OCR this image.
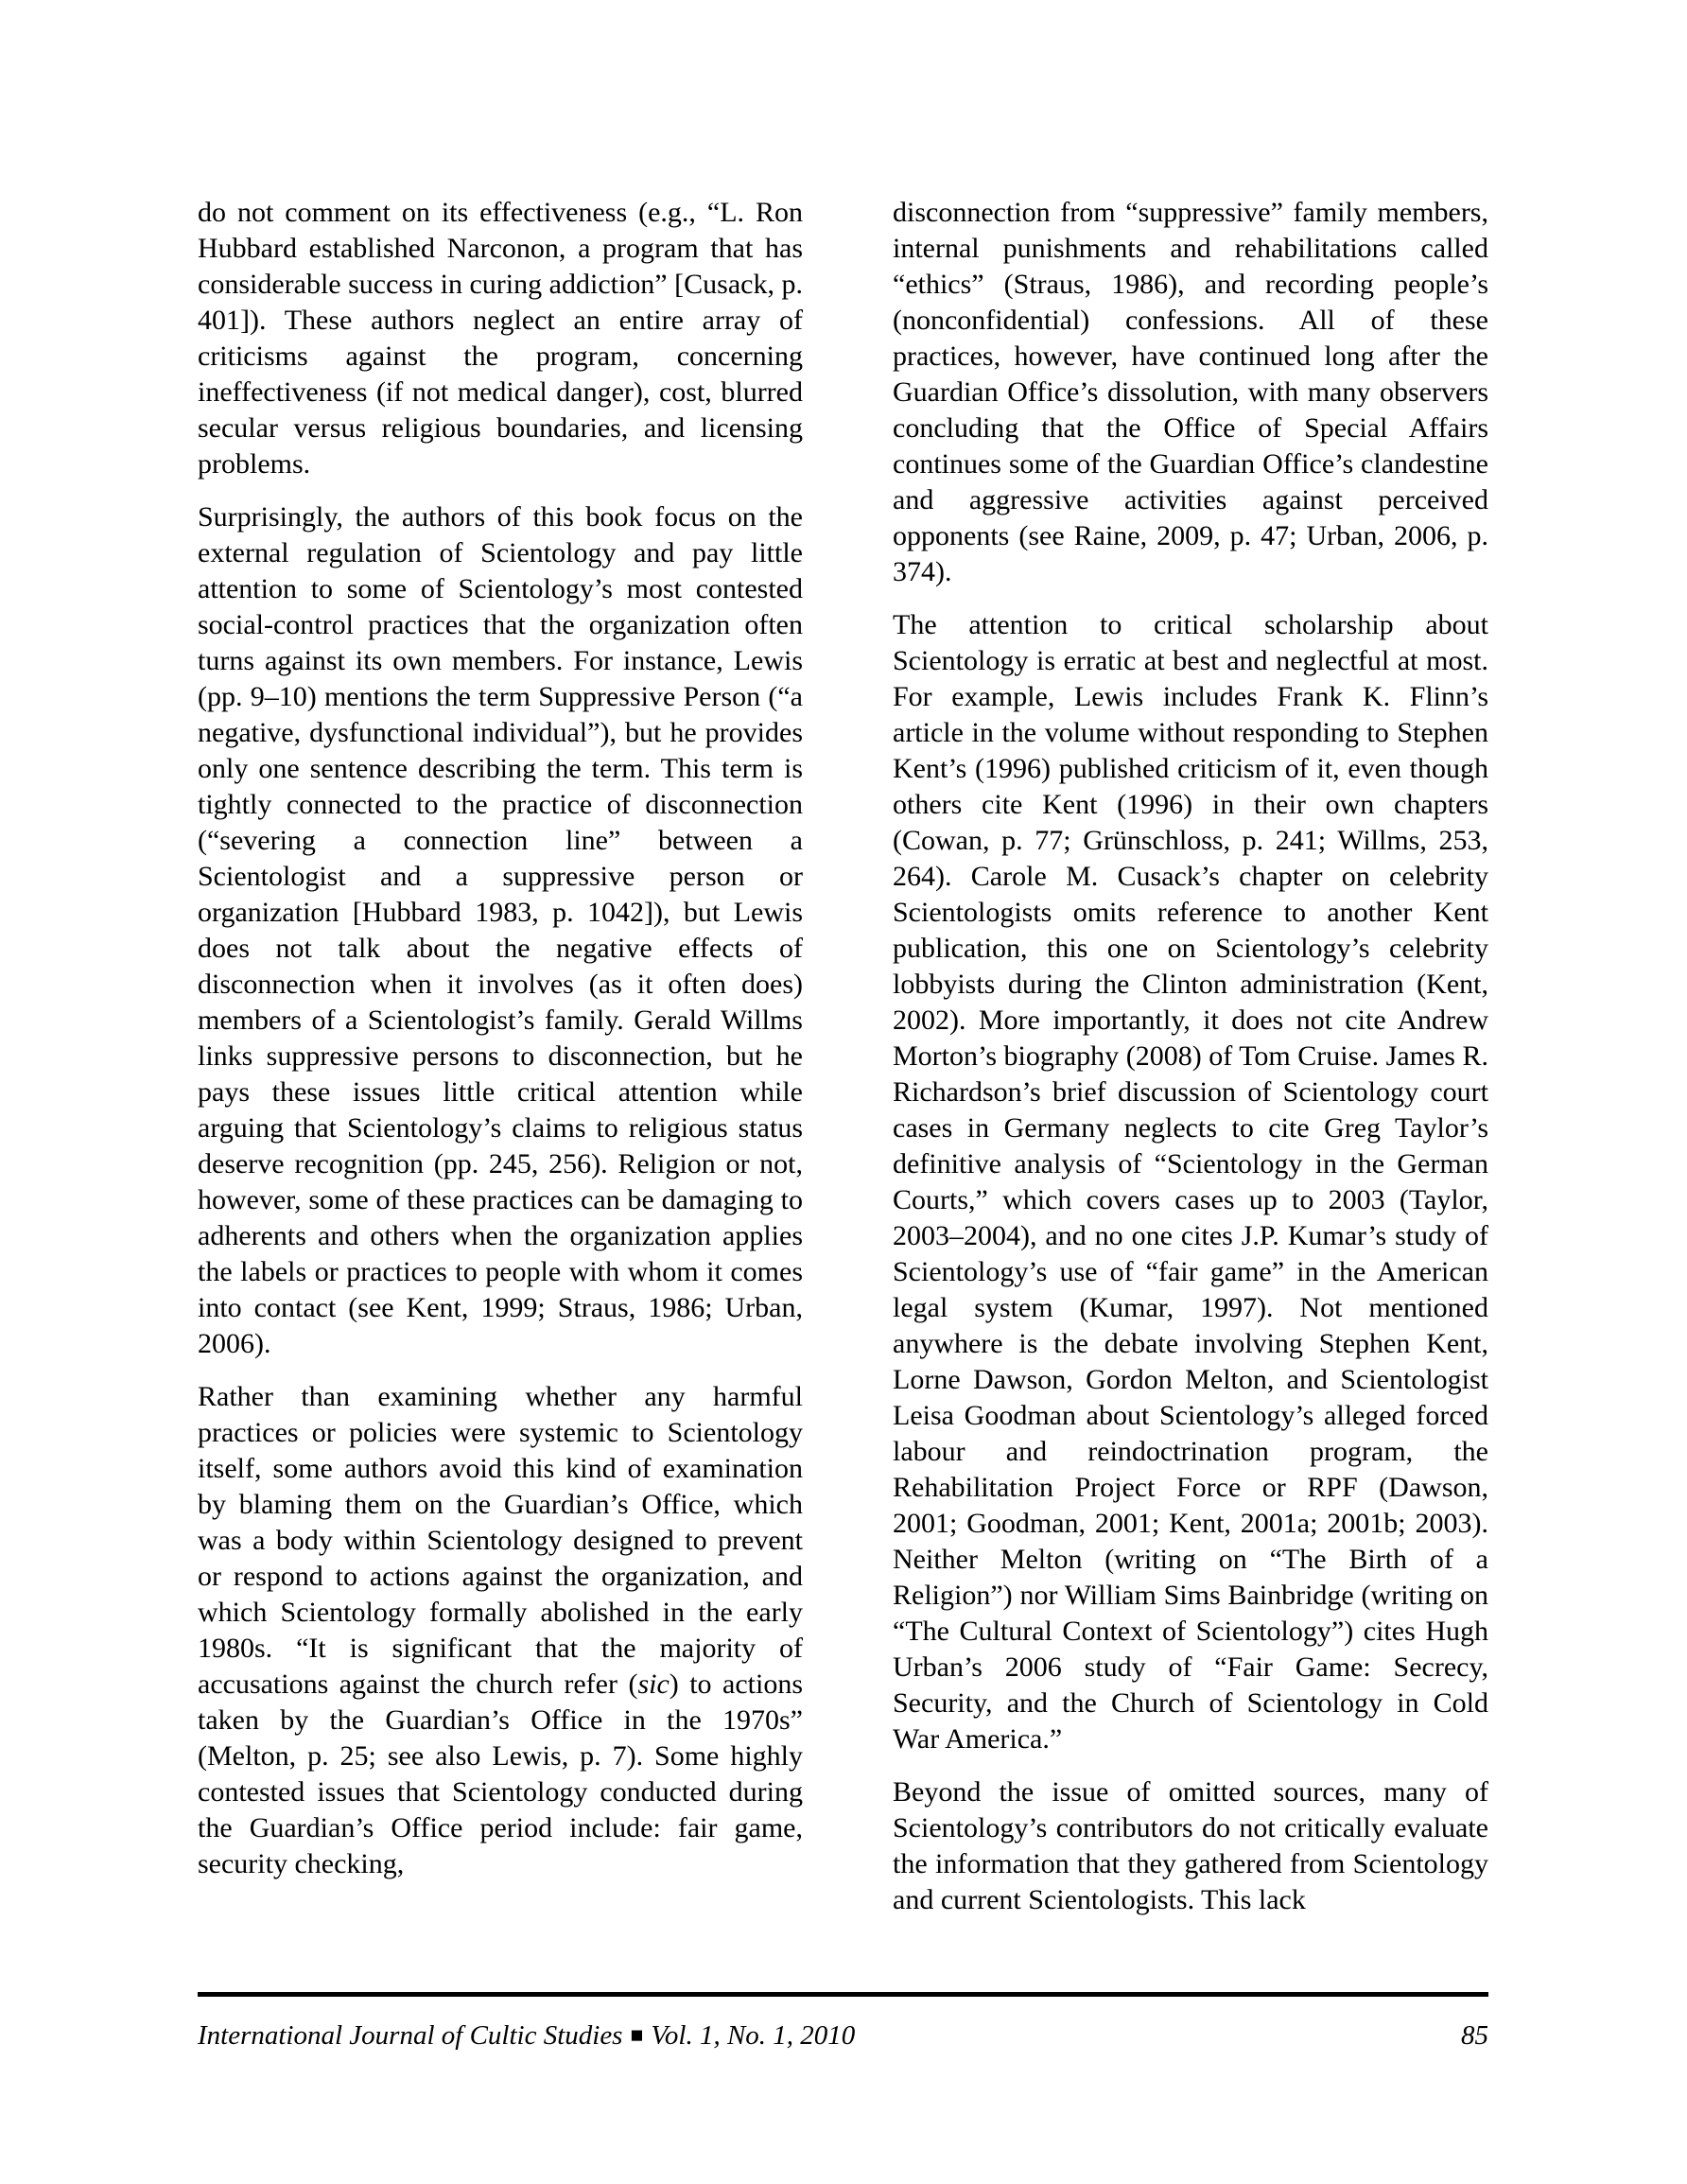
do not comment on its effectiveness (e.g., “L. Ron Hubbard established Narconon, a program that has considerable success in curing addiction” [Cusack, p. 401]). These authors neglect an entire array of criticisms against the program, concerning ineffectiveness (if not medical danger), cost, blurred secular versus religious boundaries, and licensing problems.

Surprisingly, the authors of this book focus on the external regulation of Scientology and pay little attention to some of Scientology’s most contested social-control practices that the organization often turns against its own members. For instance, Lewis (pp. 9–10) mentions the term Suppressive Person (“a negative, dysfunctional individual”), but he provides only one sentence describing the term. This term is tightly connected to the practice of disconnection (“severing a connection line” between a Scientologist and a suppressive person or organization [Hubbard 1983, p. 1042]), but Lewis does not talk about the negative effects of disconnection when it involves (as it often does) members of a Scientologist’s family. Gerald Willms links suppressive persons to disconnection, but he pays these issues little critical attention while arguing that Scientology’s claims to religious status deserve recognition (pp. 245, 256). Religion or not, however, some of these practices can be damaging to adherents and others when the organization applies the labels or practices to people with whom it comes into contact (see Kent, 1999; Straus, 1986; Urban, 2006).

Rather than examining whether any harmful practices or policies were systemic to Scientology itself, some authors avoid this kind of examination by blaming them on the Guardian’s Office, which was a body within Scientology designed to prevent or respond to actions against the organization, and which Scientology formally abolished in the early 1980s. “It is significant that the majority of accusations against the church refer (sic) to actions taken by the Guardian’s Office in the 1970s” (Melton, p. 25; see also Lewis, p. 7). Some highly contested issues that Scientology conducted during the Guardian’s Office period include: fair game, security checking,

disconnection from “suppressive” family members, internal punishments and rehabilitations called “ethics” (Straus, 1986), and recording people’s (nonconfidential) confessions. All of these practices, however, have continued long after the Guardian Office’s dissolution, with many observers concluding that the Office of Special Affairs continues some of the Guardian Office’s clandestine and aggressive activities against perceived opponents (see Raine, 2009, p. 47; Urban, 2006, p. 374).

The attention to critical scholarship about Scientology is erratic at best and neglectful at most. For example, Lewis includes Frank K. Flinn’s article in the volume without responding to Stephen Kent’s (1996) published criticism of it, even though others cite Kent (1996) in their own chapters (Cowan, p. 77; Grünschloss, p. 241; Willms, 253, 264). Carole M. Cusack’s chapter on celebrity Scientologists omits reference to another Kent publication, this one on Scientology’s celebrity lobbyists during the Clinton administration (Kent, 2002). More importantly, it does not cite Andrew Morton’s biography (2008) of Tom Cruise. James R. Richardson’s brief discussion of Scientology court cases in Germany neglects to cite Greg Taylor’s definitive analysis of “Scientology in the German Courts,” which covers cases up to 2003 (Taylor, 2003–2004), and no one cites J.P. Kumar’s study of Scientology’s use of “fair game” in the American legal system (Kumar, 1997). Not mentioned anywhere is the debate involving Stephen Kent, Lorne Dawson, Gordon Melton, and Scientologist Leisa Goodman about Scientology’s alleged forced labour and reindoctrination program, the Rehabilitation Project Force or RPF (Dawson, 2001; Goodman, 2001; Kent, 2001a; 2001b; 2003). Neither Melton (writing on “The Birth of a Religion”) nor William Sims Bainbridge (writing on “The Cultural Context of Scientology”) cites Hugh Urban’s 2006 study of “Fair Game: Secrecy, Security, and the Church of Scientology in Cold War America.”

Beyond the issue of omitted sources, many of Scientology’s contributors do not critically evaluate the information that they gathered from Scientology and current Scientologists. This lack

International Journal of Cultic Studies ■ Vol. 1, No. 1, 2010	85
